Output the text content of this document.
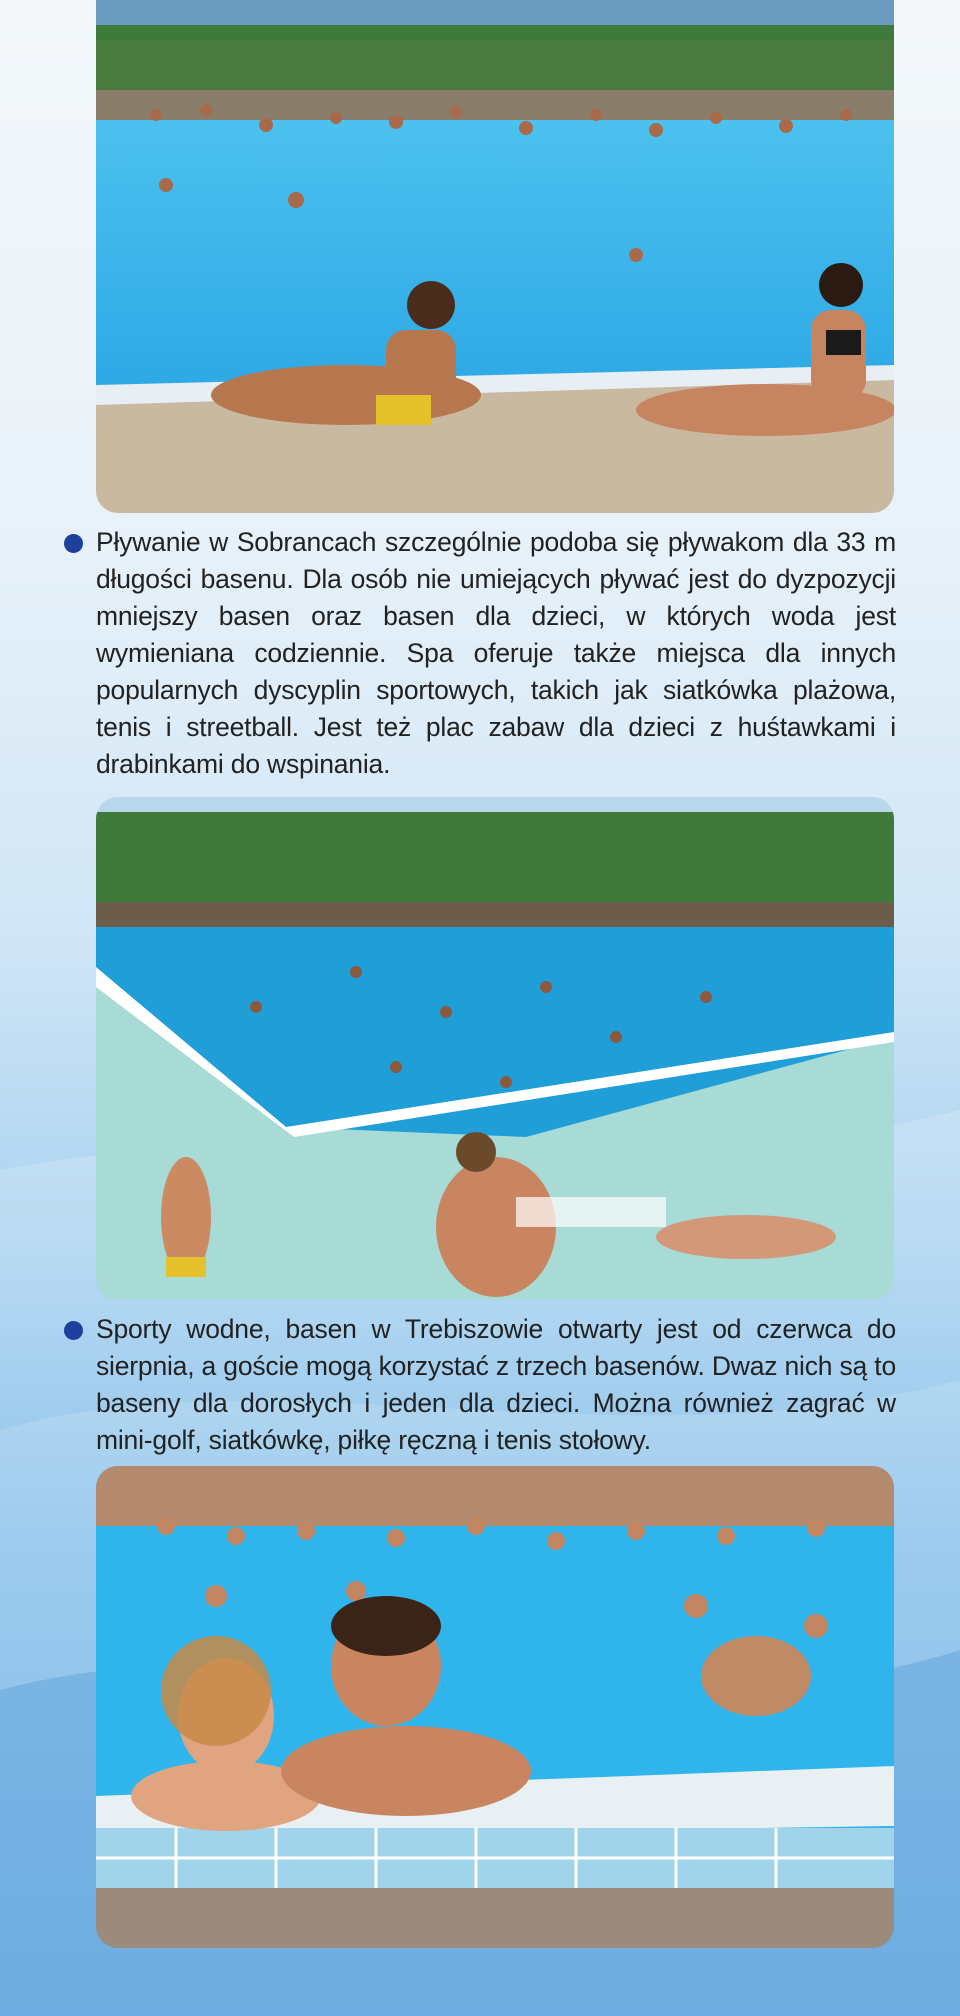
Pływanie w Sobrancach szczególnie podoba się pływakom dla 33 m długości basenu. Dla osób nie umiejących pływać jest do dyzpozycji mniejszy basen oraz basen dla dzieci, w których woda jest wymieniana codziennie. Spa oferuje także miejsca dla innych popularnych dyscyplin sportowych, takich jak siatkówka plażowa, tenis i streetball. Jest też plac zabaw dla dzieci z huśtawkami i drabinkami do wspinania.

Sporty wodne, basen w Trebiszowie otwarty jest od czerwca do sierpnia, a goście mogą korzystać z trzech basenów. Dwaz nich są to baseny dla dorosłych i jeden dla dzieci. Można również zagrać w mini-golf, siatkówkę, piłkę ręczną i tenis stołowy.
